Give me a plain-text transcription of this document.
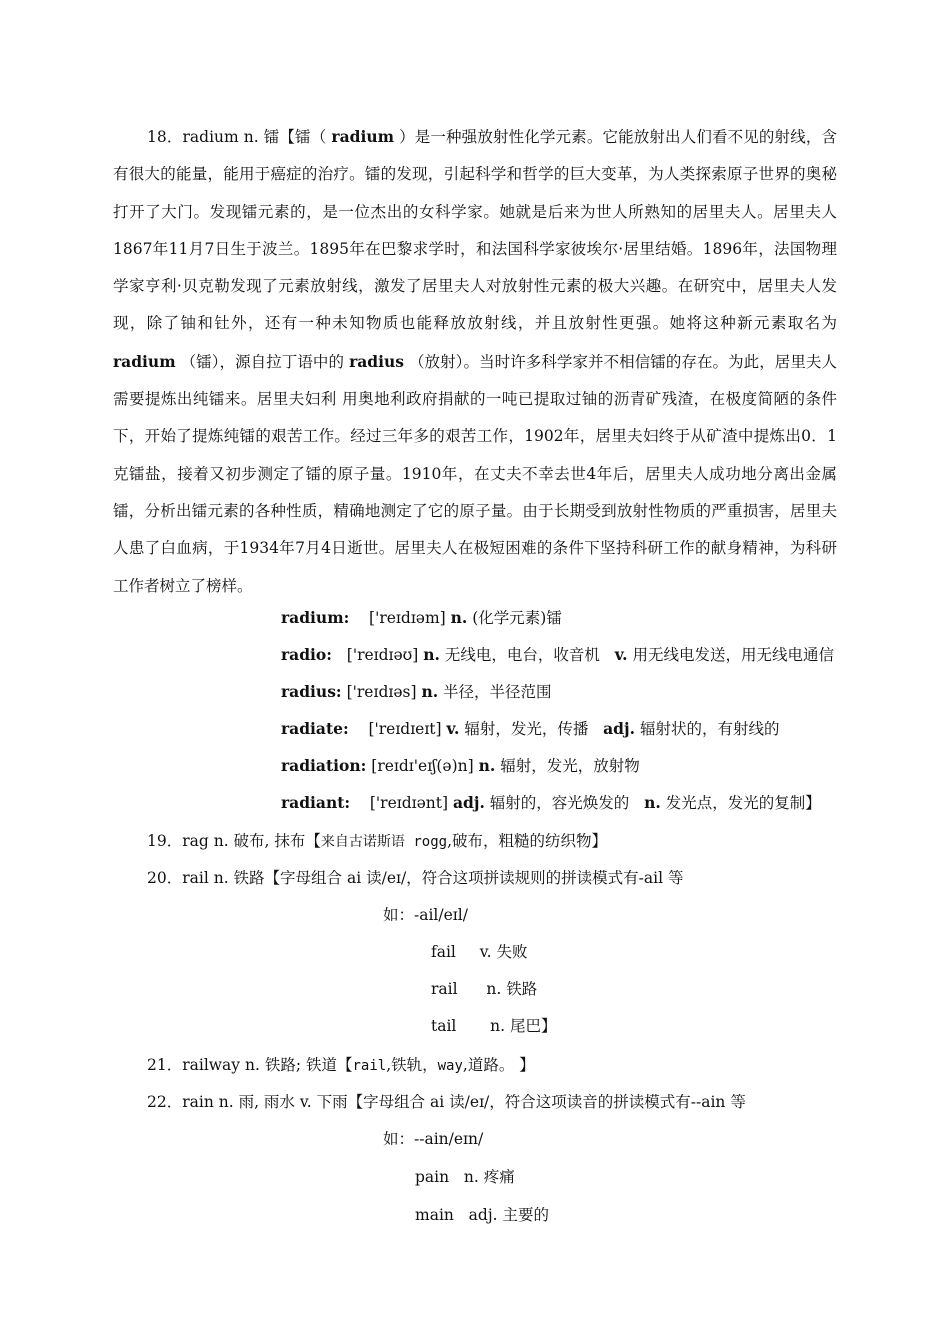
18．radium n. 镭【镭（ radium ）是一种强放射性化学元素。它能放射出人们看不见的射线，含有很大的能量，能用于癌症的治疗。镭的发现，引起科学和哲学的巨大变革，为人类探索原子世界的奥秘打开了大门。发现镭元素的，是一位杰出的女科学家。她就是后来为世人所熟知的居里夫人。居里夫人1867年11月7日生于波兰。1895年在巴黎求学时，和法国科学家彼埃尔·居里结婚。1896年，法国物理学家亨利·贝克勒发现了元素放射线，激发了居里夫人对放射性元素的极大兴趣。在研究中，居里夫人发现，除了铀和钍外，还有一种未知物质也能释放放射线，并且放射性更强。她将这种新元素取名为 radium （镭），源自拉丁语中的 radius （放射）。当时许多科学家并不相信镭的存在。为此，居里夫人需要提炼出纯镭来。居里夫妇利 用奥地利政府捐献的一吨已提取过铀的沥青矿残渣，在极度简陋的条件下，开始了提炼纯镭的艰苦工作。经过三年多的艰苦工作，1902年，居里夫妇终于从矿渣中提炼出0．1克镭盐，接着又初步测定了镭的原子量。1910年，在丈夫不幸去世4年后，居里夫人成功地分离出金属镭，分析出镭元素的各种性质，精确地测定了它的原子量。由于长期受到放射性物质的严重损害，居里夫人患了白血病，于1934年7月4日逝世。居里夫人在极短困难的条件下坚持科研工作的献身精神，为科研工作者树立了榜样。
radium: ['reɪdɪəm] n. (化学元素)镭
radio: ['reɪdɪəʊ] n. 无线电，电台，收音机 v. 用无线电发送，用无线电通信
radius: ['reɪdɪəs] n. 半径，半径范围
radiate: ['reɪdɪeɪt] v. 辐射，发光，传播 adj. 辐射状的，有射线的
radiation: [reɪdɪ'eɪʃ(ə)n] n. 辐射，发光，放射物
radiant: ['reɪdɪənt] adj. 辐射的，容光焕发的 n. 发光点，发光的复制】
19．rag n. 破布, 抹布【来自古诺斯语 rogg,破布，粗糙的纺织物】
20．rail n. 铁路【字母组合 ai 读/eɪ/，符合这项拼读规则的拼读模式有-ail 等
如：-ail/eɪl/
fail v. 失败
rail n. 铁路
tail n. 尾巴】
21．railway n. 铁路; 铁道【rail,铁轨，way,道路。 】
22．rain n. 雨, 雨水 v. 下雨【字母组合 ai 读/eɪ/，符合这项读音的拼读模式有--ain 等
如：--ain/eɪn/
pain n. 疼痛
main adj. 主要的
